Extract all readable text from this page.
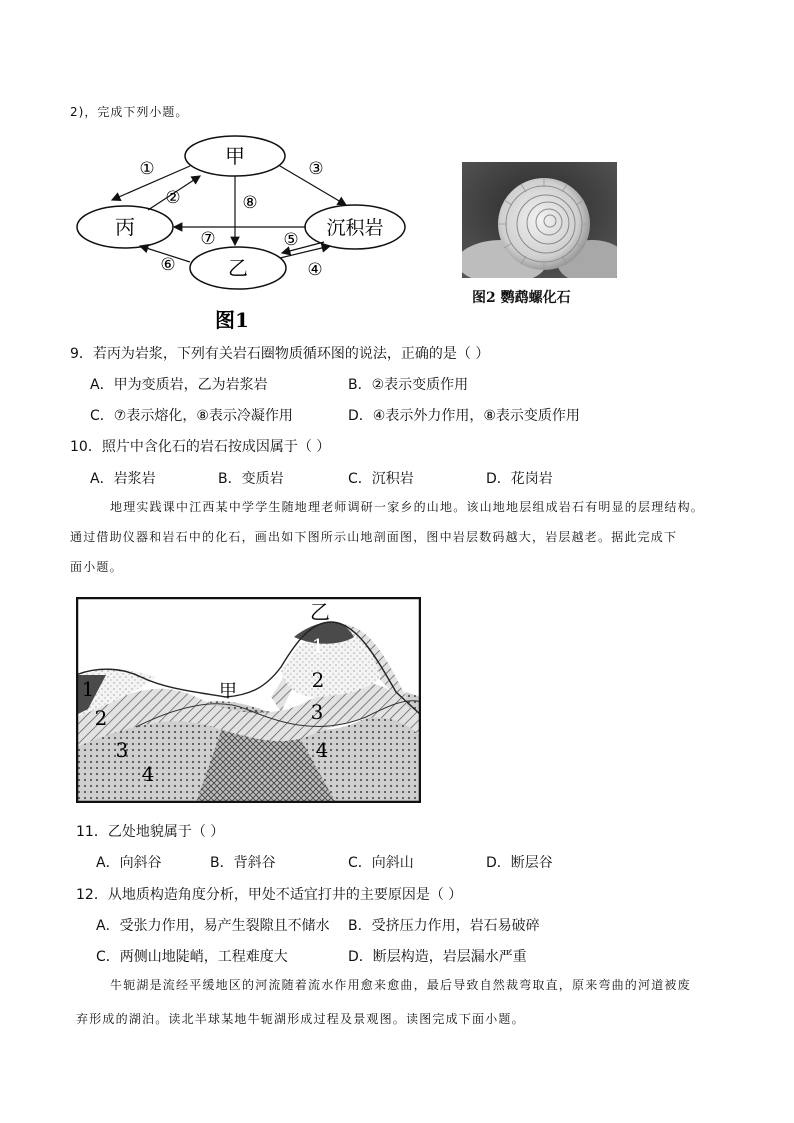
2)，完成下列小题。
甲
丙
乙
沉积岩
①
②
③
④
⑤
⑥
⑦
⑧
图1
图2 鹦鹉螺化石
9．若丙为岩浆，下列有关岩石圈物质循环图的说法，正确的是（ ）
A．甲为变质岩，乙为岩浆岩	B．②表示变质作用
C．⑦表示熔化，⑧表示冷凝作用	D．④表示外力作用，⑧表示变质作用
10．照片中含化石的岩石按成因属于（ ）
A．岩浆岩	B．变质岩	C．沉积岩	D．花岗岩
地理实践课中江西某中学学生随地理老师调研一家乡的山地。该山地地层组成岩石有明显的层理结构。
通过借助仪器和岩石中的化石，画出如下图所示山地剖面图，图中岩层数码越大，岩层越老。据此完成下
面小题。
乙
甲
1
2
3
4
1
2
3
4
11．乙处地貌属于（ ）
A．向斜谷	B．背斜谷	C．向斜山	D．断层谷
12．从地质构造角度分析，甲处不适宜打井的主要原因是（ ）
A．受张力作用，易产生裂隙且不储水 B．受挤压力作用，岩石易破碎
C．两侧山地陡峭，工程难度大	D．断层构造，岩层漏水严重
牛轭湖是流经平缓地区的河流随着流水作用愈来愈曲，最后导致自然裁弯取直，原来弯曲的河道被废
弃形成的湖泊。读北半球某地牛轭湖形成过程及景观图。读图完成下面小题。
